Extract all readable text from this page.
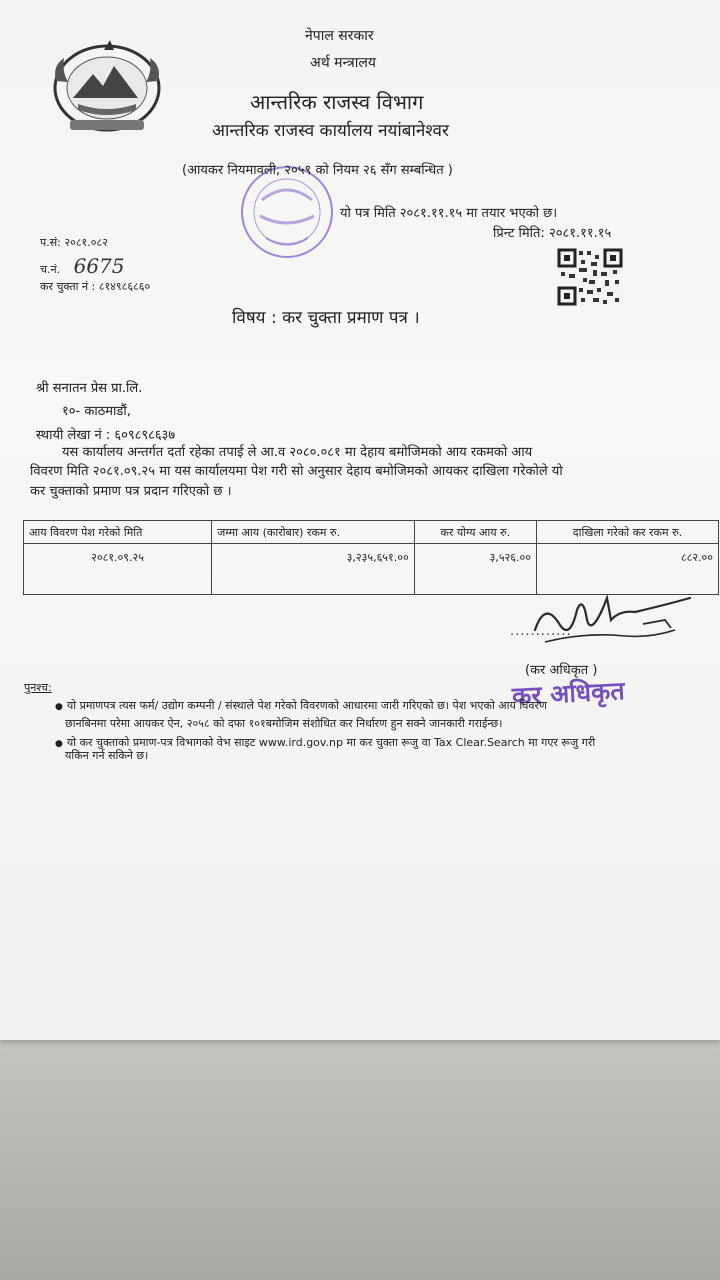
नेपाल सरकार
अर्थ मन्त्रालय
आन्तरिक राजस्व विभाग
आन्तरिक राजस्व कार्यालय नयांबानेश्वर
(आयकर नियमावली, २०५९ को नियम २६ सँग सम्बन्धित )
यो पत्र मिति २०८१.११.१५ मा तयार भएको छ।
प्रिन्ट मिति: २०८१.११.१५
प.सं: २०८१.०८२
च.नं. 6675
कर चुक्ता नं : ८१४९८६८६०
विषय : कर चुक्ता प्रमाण पत्र ।
श्री सनातन प्रेस प्रा.लि.
१०- काठमाडौं,
स्थायी लेखा नं : ६०९८९८६३७
यस कार्यालय अन्तर्गत दर्ता रहेका तपाई ले आ.व २०८०.०८१ मा देहाय बमोजिमको आय रकमको आय
विवरण मिति २०८१.०९.२५ मा यस कार्यालयमा पेश गरी सो अनुसार देहाय बमोजिमको आयकर दाखिला गरेकोले यो
कर चुक्ताको प्रमाण पत्र प्रदान गरिएको छ ।
आय विवरण पेश गरेको मिति	जम्मा आय (कारोबार) रकम रु.	कर योग्य आय रु.	दाखिला गरेको कर रकम रु.
२०८१.०९.२५	३,२३५,६५१.००	३,५२६.००	८८२.००
............
(कर अधिकृत )
कर अधिकृत
पुनश्च:
● यो प्रमाणपत्र त्यस फर्म/ उद्योग कम्पनी / संस्थाले पेश गरेको विवरणको आधारमा जारी गरिएको छ। पेश भएको आय विवरण
छानबिनमा परेमा आयकर ऐन, २०५८ को दफा १०१बमोजिम संशोधित कर निर्धारण हुन सक्ने जानकारी गराईन्छ।
● यो कर चुक्ताको प्रमाण-पत्र विभागको वेभ साइट www.ird.gov.np मा कर चुक्ता रूजु वा Tax Clear.Search मा गएर रूजु गरी
यकिन गर्न सकिने छ।
